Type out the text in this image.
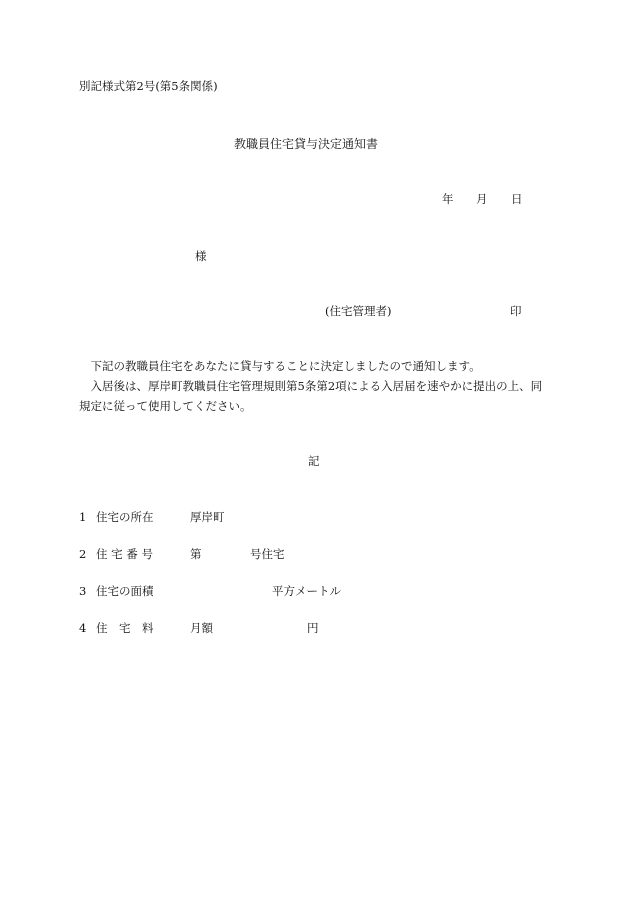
別記様式第2号(第5条関係)
教職員住宅貸与決定通知書
年 月 日
様
(住宅管理者)	印

下記の教職員住宅をあなたに貸与することに決定しましたので通知します。

入居後は、厚岸町教職員住宅管理規則第5条第2項による入居届を速やかに提出の上、同規定に従って使用してください。

記
1 住宅の所在	厚岸町
2 住 宅 番 号	第	号住宅
3 住宅の面積	平方メートル
4 住　宅　料	月額	円
